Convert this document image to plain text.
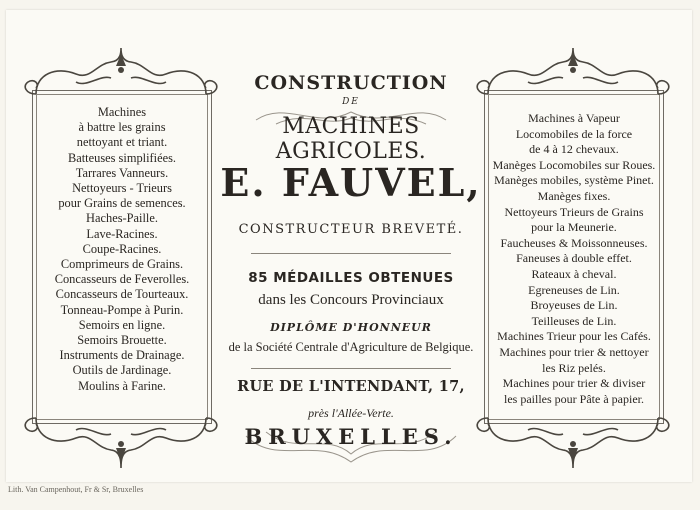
Machines
à battre les grains
nettoyant et triant.
Batteuses simplifiées.
Tarrares Vanneurs.
Nettoyeurs - Trieurs
pour Grains de semences.
Haches-Paille.
Lave-Racines.
Coupe-Racines.
Comprimeurs de Grains.
Concasseurs de Feverolles.
Concasseurs de Tourteaux.
Tonneau-Pompe à Purin.
Semoirs en ligne.
Semoirs Brouette.
Instruments de Drainage.
Outils de Jardinage.
Moulins à Farine.
Machines à Vapeur
Locomobiles de la force
de 4 à 12 chevaux.
Manèges Locomobiles sur Roues.
Manèges mobiles, système Pinet.
Manèges fixes.
Nettoyeurs Trieurs de Grains
pour la Meunerie.
Faucheuses & Moissonneuses.
Faneuses à double effet.
Rateaux à cheval.
Egreneuses de Lin.
Broyeuses de Lin.
Teilleuses de Lin.
Machines Trieur pour les Cafés.
Machines pour trier & nettoyer
les Riz pelés.
Machines pour trier & diviser
les pailles pour Pâte à papier.
CONSTRUCTION
DE
MACHINES AGRICOLES.
E. FAUVEL,
CONSTRUCTEUR BREVETÉ.
85 MÉDAILLES OBTENUES
dans les Concours Provinciaux
DIPLÔME D'HONNEUR
de la Société Centrale d'Agriculture de Belgique.
RUE DE L'INTENDANT, 17,
près l'Allée-Verte.
BRUXELLES.
Lith. Van Campenhout, Fr & Sr, Bruxelles
